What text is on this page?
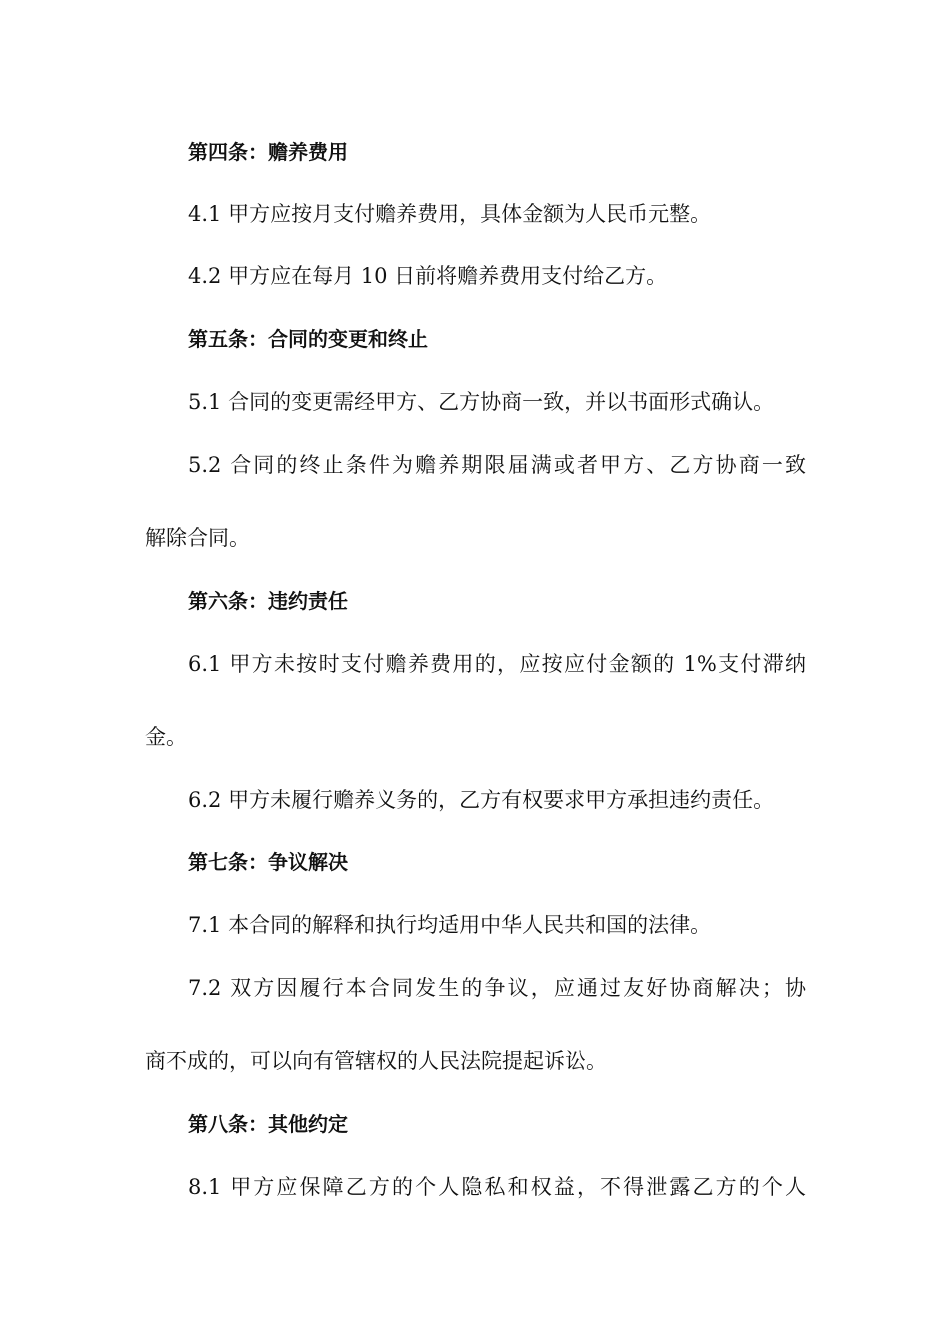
第四条：赡养费用
4.1 甲方应按月支付赡养费用，具体金额为人民币元整。
4.2 甲方应在每月 10 日前将赡养费用支付给乙方。
第五条：合同的变更和终止
5.1 合同的变更需经甲方、乙方协商一致，并以书面形式确认。
5.2 合同的终止条件为赡养期限届满或者甲方、乙方协商一致
解除合同。
第六条：违约责任
6.1 甲方未按时支付赡养费用的，应按应付金额的 1%支付滞纳
金。
6.2 甲方未履行赡养义务的，乙方有权要求甲方承担违约责任。
第七条：争议解决
7.1 本合同的解释和执行均适用中华人民共和国的法律。
7.2 双方因履行本合同发生的争议，应通过友好协商解决；协
商不成的，可以向有管辖权的人民法院提起诉讼。
第八条：其他约定
8.1 甲方应保障乙方的个人隐私和权益，不得泄露乙方的个人
